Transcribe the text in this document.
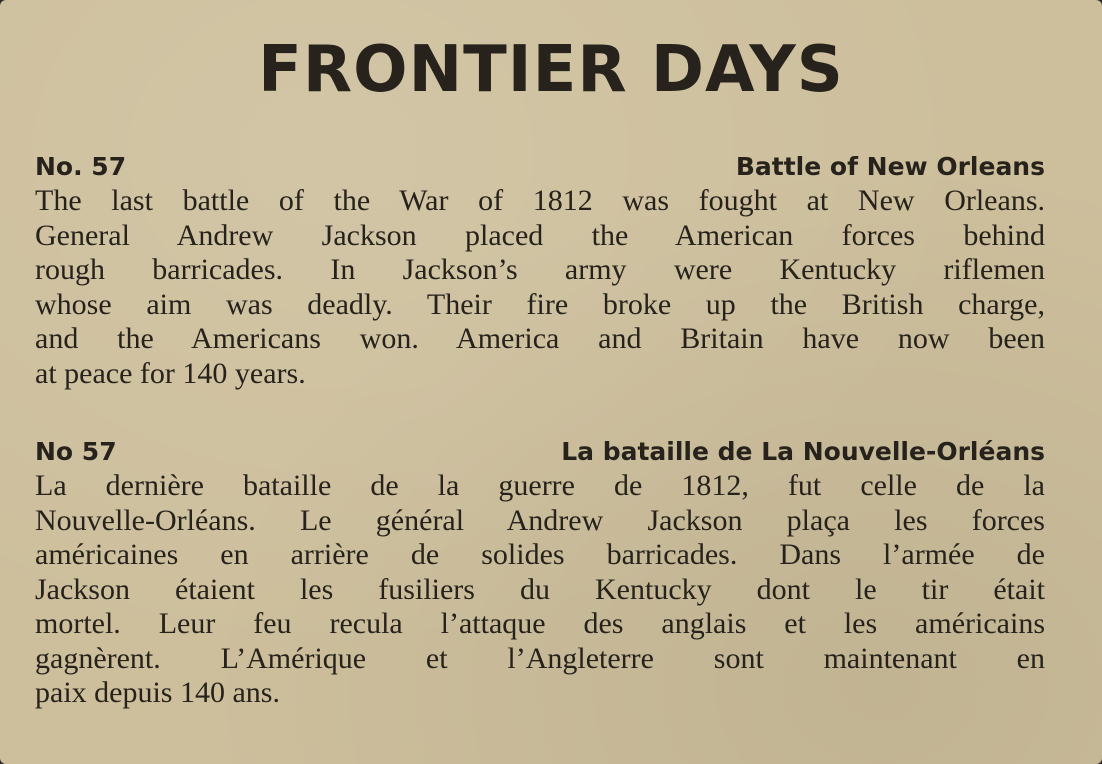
FRONTIER DAYS
No. 57	Battle of New Orleans

The last battle of the War of 1812 was fought at New Orleans.
General Andrew Jackson placed the American forces behind
rough barricades. In Jackson’s army were Kentucky riflemen
whose aim was deadly. Their fire broke up the British charge,
and the Americans won. America and Britain have now been
at peace for 140 years.

No 57	La bataille de La Nouvelle-Orléans

La dernière bataille de la guerre de 1812, fut celle de la
Nouvelle-Orléans. Le général Andrew Jackson plaça les forces
américaines en arrière de solides barricades. Dans l’armée de
Jackson étaient les fusiliers du Kentucky dont le tir était
mortel. Leur feu recula l’attaque des anglais et les américains
gagnèrent. L’Amérique et l’Angleterre sont maintenant en
paix depuis 140 ans.
